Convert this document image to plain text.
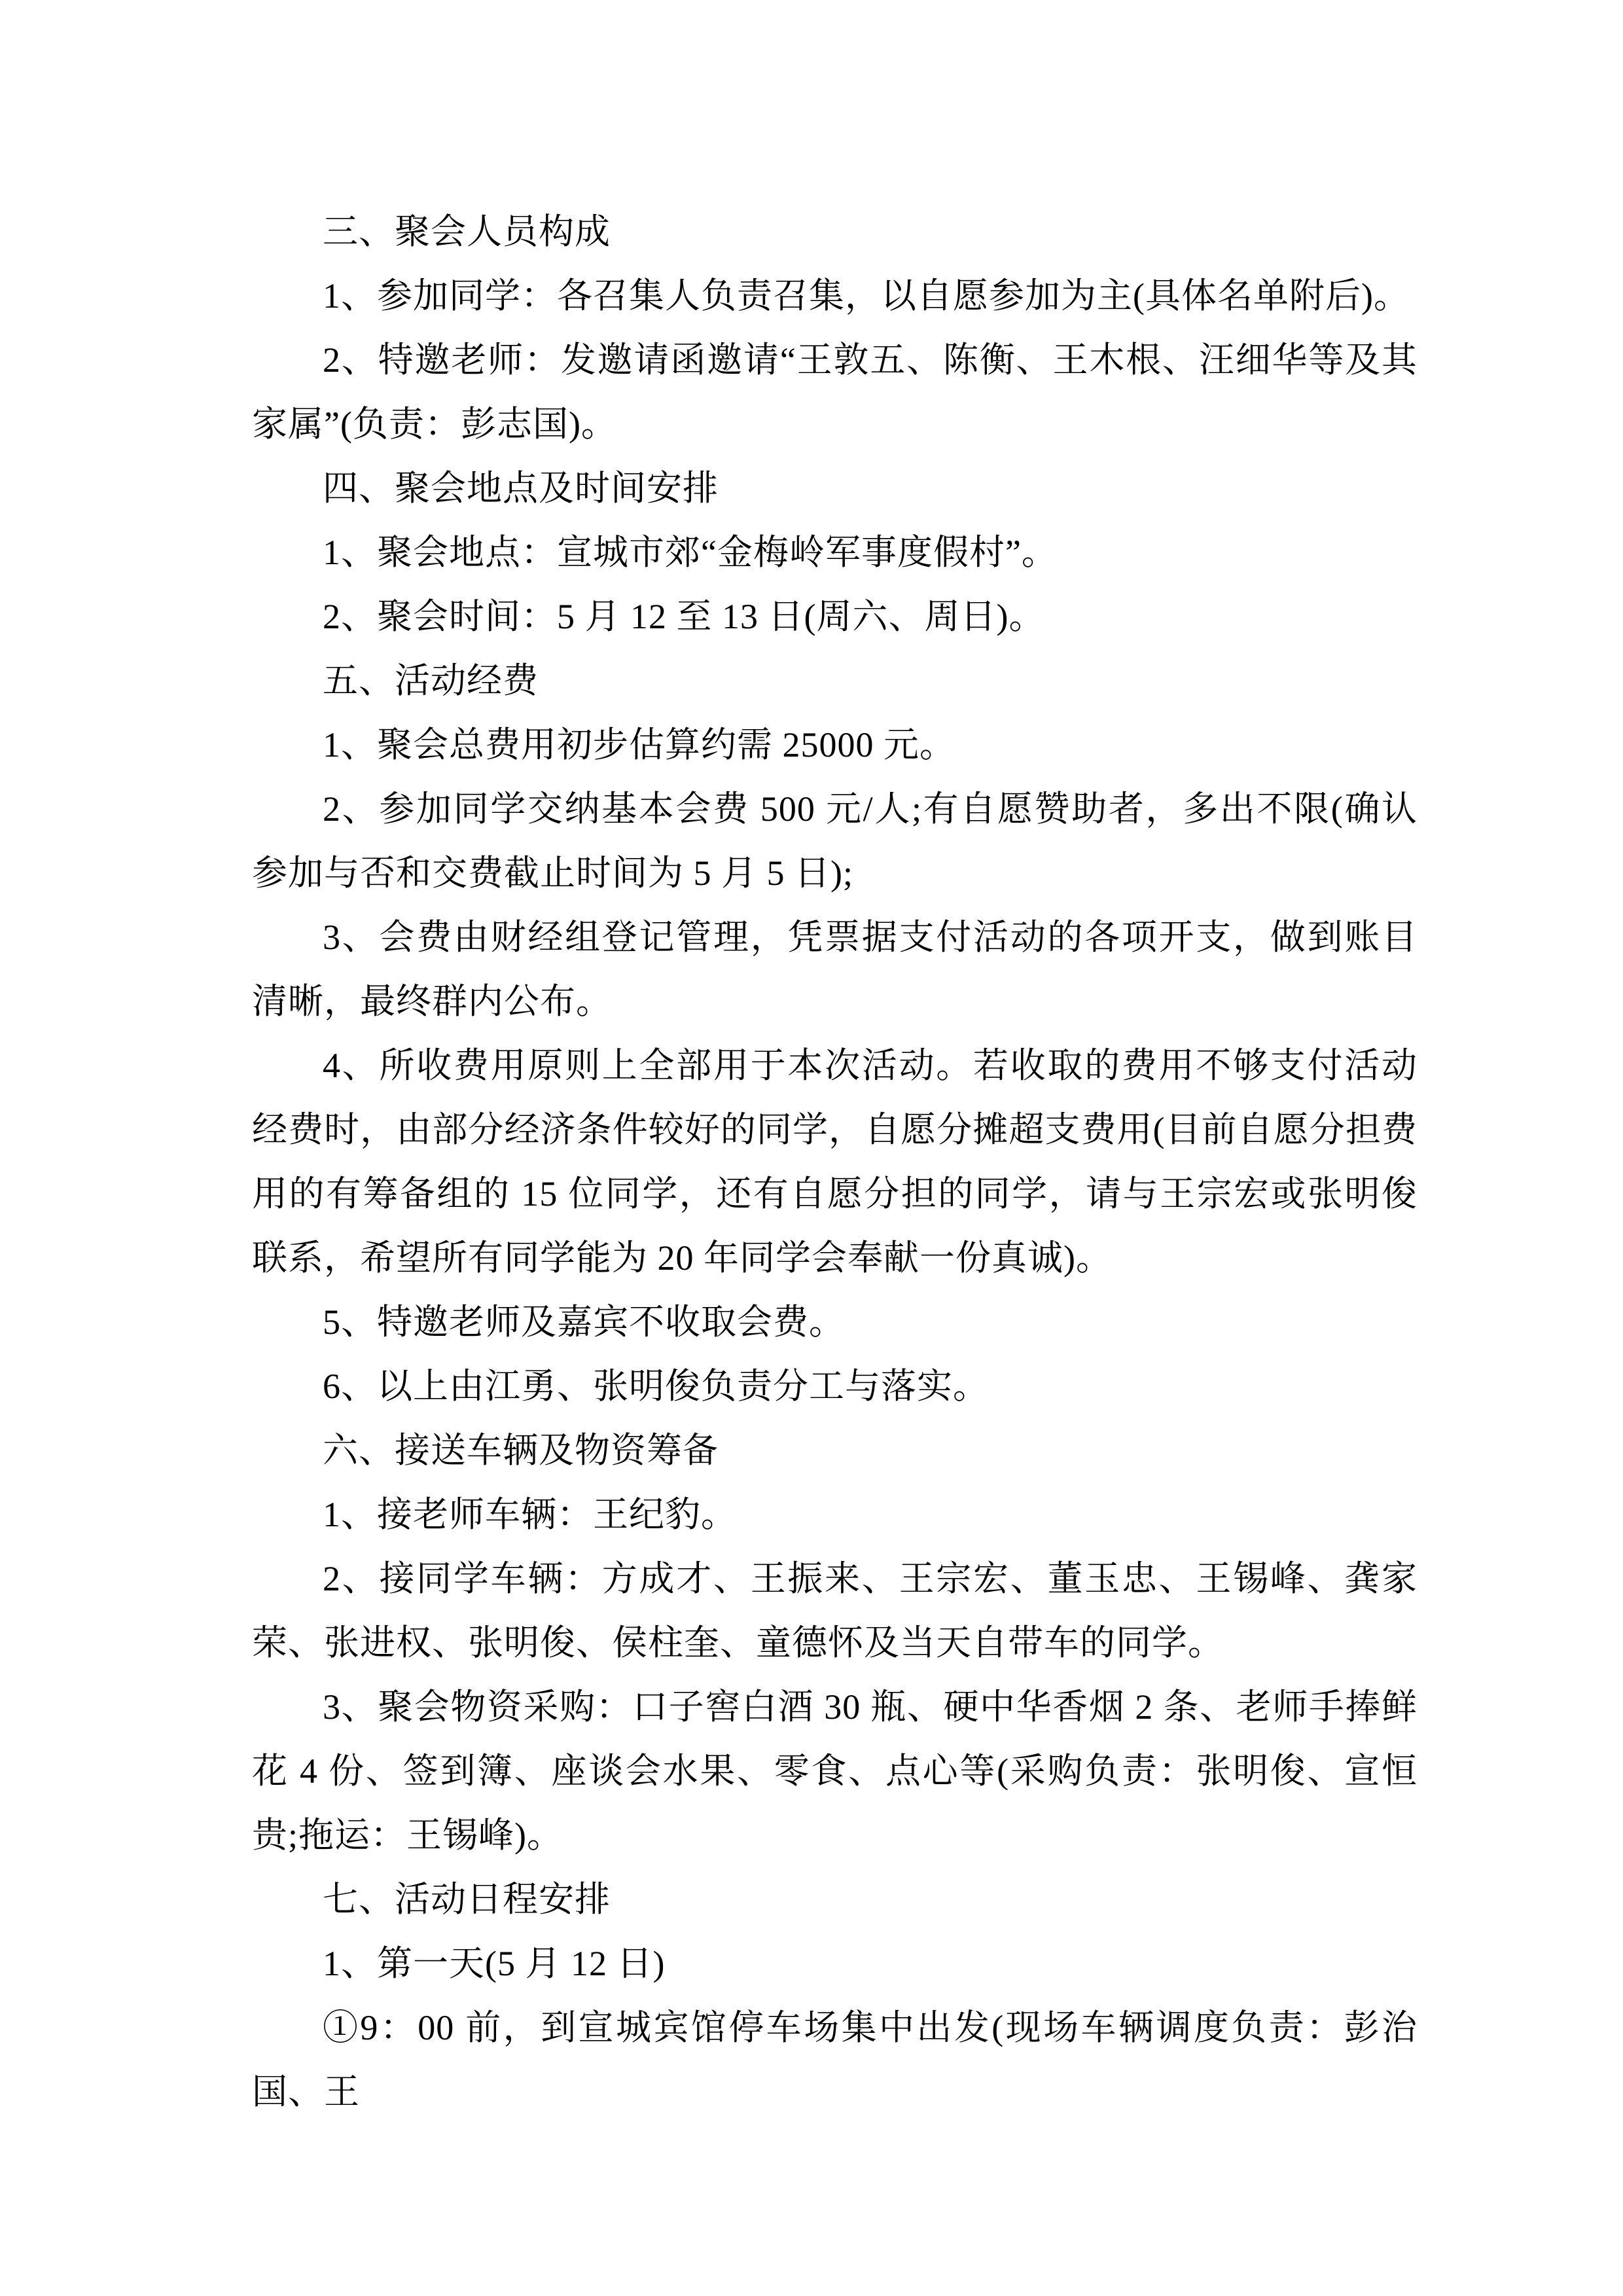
三、聚会人员构成

1、参加同学：各召集人负责召集，以自愿参加为主(具体名单附后)。

2、特邀老师：发邀请函邀请“王敦五、陈衡、王木根、汪细华等及其家属”(负责：彭志国)。

四、聚会地点及时间安排

1、聚会地点：宣城市郊“金梅岭军事度假村”。

2、聚会时间：5 月 12 至 13 日(周六、周日)。

五、活动经费

1、聚会总费用初步估算约需 25000 元。

2、参加同学交纳基本会费 500 元/人;有自愿赞助者，多出不限(确认参加与否和交费截止时间为 5 月 5 日);

3、会费由财经组登记管理，凭票据支付活动的各项开支，做到账目清晰，最终群内公布。

4、所收费用原则上全部用于本次活动。若收取的费用不够支付活动经费时，由部分经济条件较好的同学，自愿分摊超支费用(目前自愿分担费用的有筹备组的 15 位同学，还有自愿分担的同学，请与王宗宏或张明俊联系，希望所有同学能为 20 年同学会奉献一份真诚)。

5、特邀老师及嘉宾不收取会费。

6、以上由江勇、张明俊负责分工与落实。

六、接送车辆及物资筹备

1、接老师车辆：王纪豹。

2、接同学车辆：方成才、王振来、王宗宏、董玉忠、王锡峰、龚家荣、张进权、张明俊、侯柱奎、童德怀及当天自带车的同学。

3、聚会物资采购：口子窖白酒 30 瓶、硬中华香烟 2 条、老师手捧鲜花 4 份、签到簿、座谈会水果、零食、点心等(采购负责：张明俊、宣恒贵;拖运：王锡峰)。

七、活动日程安排

1、第一天(5 月 12 日)

①9：00 前，到宣城宾馆停车场集中出发(现场车辆调度负责：彭治国、王
